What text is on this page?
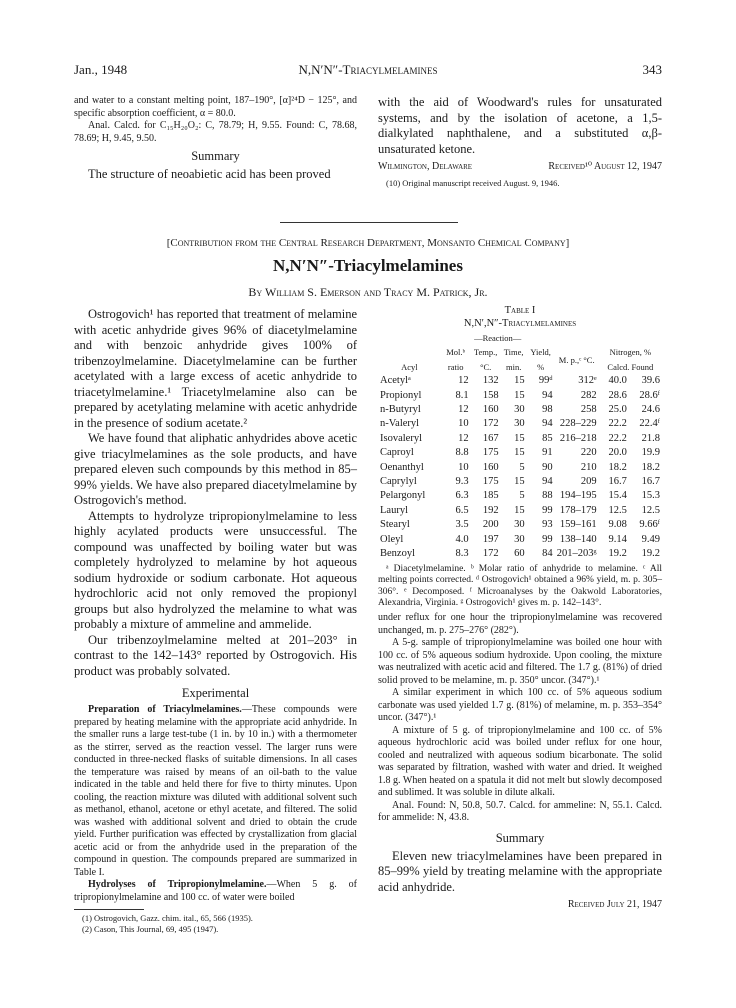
Jan., 1948	N,N′N″-Triacylmelamines	343

and water to a constant melting point, 187–190°, [α]²⁴D − 125°, and specific absorption coefficient, α = 80.0.

Anal. Calcd. for C₁₅H₂₀O₂: C, 78.79; H, 9.55. Found: C, 78.68, 78.69; H, 9.45, 9.50.

Summary

The structure of neoabietic acid has been proved

with the aid of Woodward's rules for unsaturated systems, and by the isolation of acetone, a 1,5-dialkylated naphthalene, and a substituted α,β-unsaturated ketone.

Wilmington, Delaware	Received¹⁰ August 12, 1947
(10) Original manuscript received August. 9, 1946.
[Contribution from the Central Research Department, Monsanto Chemical Company]
N,N′N″-Triacylmelamines
By William S. Emerson and Tracy M. Patrick, Jr.

Ostrogovich¹ has reported that treatment of melamine with acetic anhydride gives 96% of diacetylmelamine and with benzoic anhydride gives 100% of tribenzoylmelamine. Diacetylmelamine can be further acetylated with a large excess of acetic anhydride to triacetylmelamine.¹ Triacetylmelamine also can be prepared by acetylating melamine with acetic anhydride in the presence of sodium acetate.²

We have found that aliphatic anhydrides above acetic give triacylmelamines as the sole products, and have prepared eleven such compounds by this method in 85–99% yields. We have also prepared diacetylmelamine by Ostrogovich's method.

Attempts to hydrolyze tripropionylmelamine to less highly acylated products were unsuccessful. The compound was unaffected by boiling water but was completely hydrolyzed to melamine by hot aqueous sodium hydroxide or sodium carbonate. Hot aqueous hydrochloric acid not only removed the propionyl groups but also hydrolyzed the melamine to what was probably a mixture of ammeline and ammelide.

Our tribenzoylmelamine melted at 201–203° in contrast to the 142–143° reported by Ostrogovich. His product was probably solvated.

Experimental

Preparation of Triacylmelamines.—These compounds were prepared by heating melamine with the appropriate acid anhydride. In the smaller runs a large test-tube (1 in. by 10 in.) with a thermometer as the stirrer, served as the reaction vessel. The larger runs were conducted in three-necked flasks of suitable dimensions. In all cases the temperature was raised by means of an oil-bath to the value indicated in the table and held there for five to thirty minutes. Upon cooling, the reaction mixture was diluted with additional solvent such as methanol, ethanol, acetone or ethyl acetate, and filtered. The solid was washed with additional solvent and dried to obtain the crude yield. Further purification was effected by crystallization from glacial acetic acid or from the anhydride used in the preparation of the compound in question. The compounds prepared are summarized in Table I.

Hydrolyses of Tripropionylmelamine.—When 5 g. of tripropionylmelamine and 100 cc. of water were boiled

(1) Ostrogovich, Gazz. chim. ital., 65, 566 (1935).
(2) Cason, This Journal, 69, 495 (1947).
Table I
N,N′,N″-Triacylmelamines
	—Reaction—						
Acyl	Mol.ᵇ ratio	Temp., °C.	Time, min.	Yield, %	M. p.,ᶜ °C.	Nitrogen, %
Calcd. Found	

Acetylᵃ	12	132	15	99ᵈ	312ᵉ	40.0	39.6
Propionyl	8.1	158	15	94	282	28.6	28.6ᶠ
n-Butyryl	12	160	30	98	258	25.0	24.6
n-Valeryl	10	172	30	94	228–229	22.2	22.4ᶠ
Isovaleryl	12	167	15	85	216–218	22.2	21.8
Caproyl	8.8	175	15	91	220	20.0	19.9
Oenanthyl	10	160	5	90	210	18.2	18.2
Caprylyl	9.3	175	15	94	209	16.7	16.7
Pelargonyl	6.3	185	5	88	194–195	15.4	15.3
Lauryl	6.5	192	15	99	178–179	12.5	12.5
Stearyl	3.5	200	30	93	159–161	9.08	9.66ᶠ
Oleyl	4.0	197	30	99	138–140	9.14	9.49
Benzoyl	8.3	172	60	84	201–203ᵍ	19.2	19.2

ᵃ Diacetylmelamine. ᵇ Molar ratio of anhydride to melamine. ᶜ All melting points corrected. ᵈ Ostrogovich¹ obtained a 96% yield, m. p. 305–306°. ᵉ Decomposed. ᶠ Microanalyses by the Oakwold Laboratories, Alexandria, Virginia. ᵍ Ostrogovich¹ gives m. p. 142–143°.

under reflux for one hour the tripropionylmelamine was recovered unchanged, m. p. 275–276° (282°).

A 5-g. sample of tripropionylmelamine was boiled one hour with 100 cc. of 5% aqueous sodium hydroxide. Upon cooling, the mixture was neutralized with acetic acid and filtered. The 1.7 g. (81%) of dried solid proved to be melamine, m. p. 350° uncor. (347°).¹

A similar experiment in which 100 cc. of 5% aqueous sodium carbonate was used yielded 1.7 g. (81%) of melamine, m. p. 353–354° uncor. (347°).¹

A mixture of 5 g. of tripropionylmelamine and 100 cc. of 5% aqueous hydrochloric acid was boiled under reflux for one hour, cooled and neutralized with aqueous sodium bicarbonate. The solid was separated by filtration, washed with water and dried. It weighed 1.8 g. When heated on a spatula it did not melt but slowly decomposed and sublimed. It was soluble in dilute alkali.

Anal. Found: N, 50.8, 50.7. Calcd. for ammeline: N, 55.1. Calcd. for ammelide: N, 43.8.

Summary

Eleven new triacylmelamines have been prepared in 85–99% yield by treating melamine with the appropriate acid anhydride.

Received July 21, 1947
